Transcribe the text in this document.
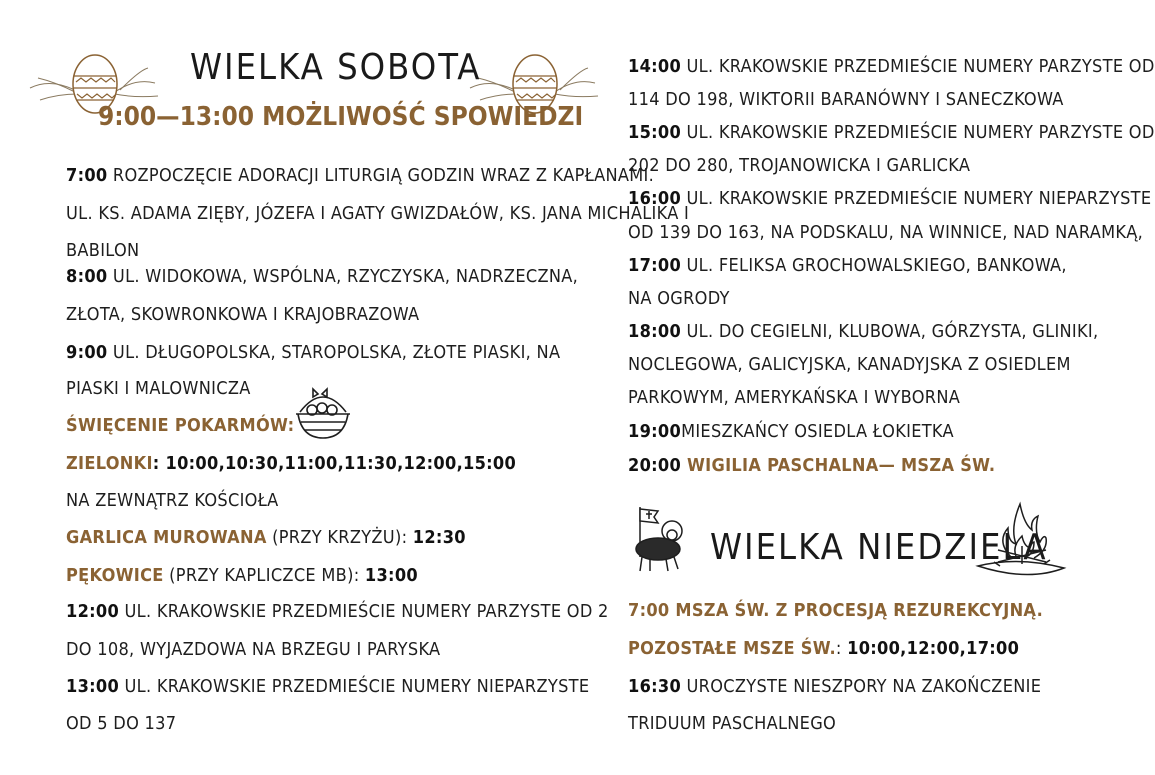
WIELKA SOBOTA
9:00—13:00 MOŻLIWOŚĆ SPOWIEDZI
7:00 ROZPOCZĘCIE ADORACJI LITURGIĄ GODZIN WRAZ Z KAPŁANAMI.
UL. KS. ADAMA ZIĘBY, JÓZEFA I AGATY GWIZDAŁÓW, KS. JANA MICHALIKA I
BABILON
8:00 UL. WIDOKOWA, WSPÓLNA, RZYCZYSKA, NADRZECZNA,
ZŁOTA, SKOWRONKOWA I KRAJOBRAZOWA
9:00 UL. DŁUGOPOLSKA, STAROPOLSKA, ZŁOTE PIASKI, NA
PIASKI I MALOWNICZA
ŚWIĘCENIE POKARMÓW:
ZIELONKI: 10:00,10:30,11:00,11:30,12:00,15:00
NA ZEWNĄTRZ KOŚCIOŁA
GARLICA MUROWANA (PRZY KRZYŻU): 12:30
PĘKOWICE (PRZY KAPLICZCE MB): 13:00
12:00 UL. KRAKOWSKIE PRZEDMIEŚCIE NUMERY PARZYSTE OD 2
DO 108, WYJAZDOWA NA BRZEGU I PARYSKA
13:00 UL. KRAKOWSKIE PRZEDMIEŚCIE NUMERY NIEPARZYSTE
OD 5 DO 137
14:00 UL. KRAKOWSKIE PRZEDMIEŚCIE NUMERY PARZYSTE OD
114 DO 198, WIKTORII BARANÓWNY I SANECZKOWA
15:00 UL. KRAKOWSKIE PRZEDMIEŚCIE NUMERY PARZYSTE OD
202 DO 280, TROJANOWICKA I GARLICKA
16:00 UL. KRAKOWSKIE PRZEDMIEŚCIE NUMERY NIEPARZYSTE
OD 139 DO 163, NA PODSKALU, NA WINNICE, NAD NARAMKĄ,
17:00 UL. FELIKSA GROCHOWALSKIEGO, BANKOWA,
NA OGRODY
18:00 UL. DO CEGIELNI, KLUBOWA, GÓRZYSTA, GLINIKI,
NOCLEGOWA, GALICYJSKA, KANADYJSKA Z OSIEDLEM
PARKOWYM, AMERYKAŃSKA I WYBORNA
19:00MIESZKAŃCY OSIEDLA ŁOKIETKA
20:00 WIGILIA PASCHALNA— MSZA ŚW.
WIELKA NIEDZIELA
7:00 MSZA ŚW. Z PROCESJĄ REZUREKCYJNĄ.
POZOSTAŁE MSZE ŚW.: 10:00,12:00,17:00
16:30 UROCZYSTE NIESZPORY NA ZAKOŃCZENIE
TRIDUUM PASCHALNEGO
